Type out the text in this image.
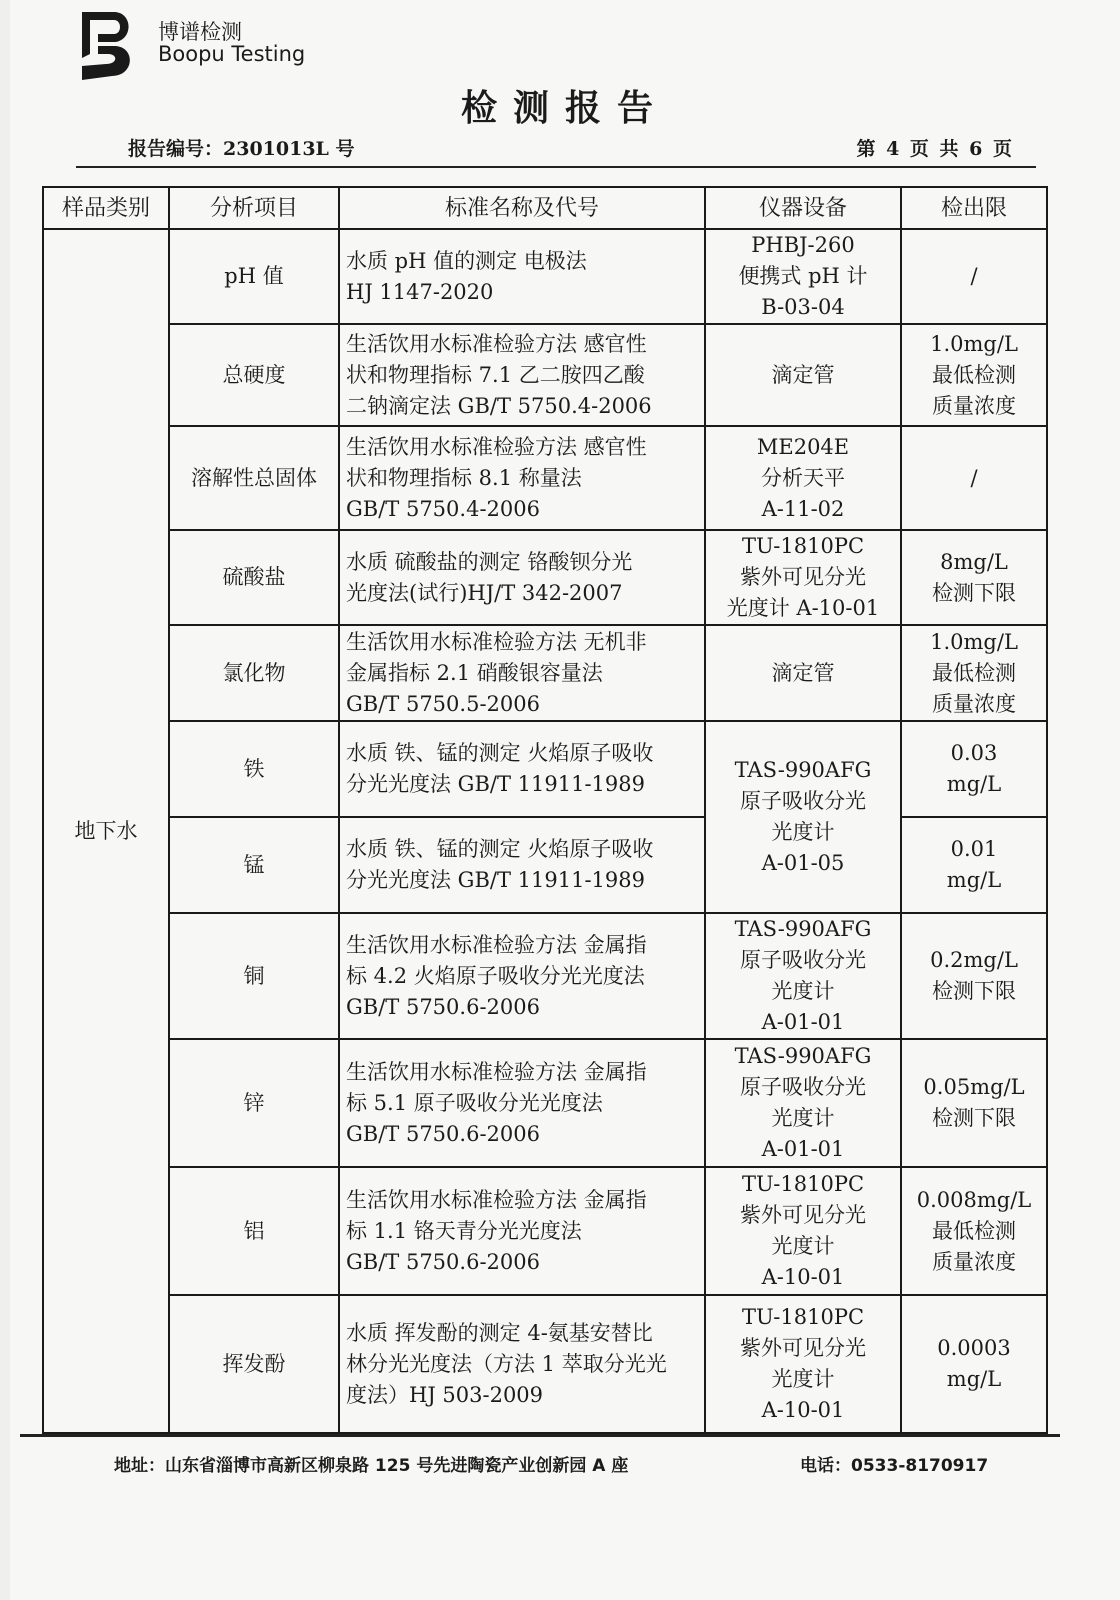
博谱检测
Boopu Testing
检测报告
报告编号：2301013L 号	第 4 页 共 6 页
样品类别	分析项目	标准名称及代号	仪器设备	检出限
地下水	pH 值	水质 pH 值的测定 电极法
HJ 1147-2020	PHBJ-260
便携式 pH 计
B-03-04	/

	总硬度	生活饮用水标准检验方法 感官性
状和物理指标 7.1 乙二胺四乙酸
二钠滴定法 GB/T 5750.4-2006	滴定管	1.0mg/L
最低检测
质量浓度

	溶解性总固体	生活饮用水标准检验方法 感官性
状和物理指标 8.1 称量法
GB/T 5750.4-2006	ME204E
分析天平
A-11-02	/

	硫酸盐	水质 硫酸盐的测定 铬酸钡分光
光度法(试行)HJ/T 342-2007	TU-1810PC
紫外可见分光
光度计 A-10-01	8mg/L
检测下限

	氯化物	生活饮用水标准检验方法 无机非
金属指标 2.1 硝酸银容量法
GB/T 5750.5-2006	滴定管	1.0mg/L
最低检测
质量浓度

	铁	水质 铁、锰的测定 火焰原子吸收
分光光度法 GB/T 11911-1989	TAS-990AFG
原子吸收分光
光度计
A-01-05	0.03
mg/L

	锰	水质 铁、锰的测定 火焰原子吸收
分光光度法 GB/T 11911-1989		0.01
mg/L

	铜	生活饮用水标准检验方法 金属指
标 4.2 火焰原子吸收分光光度法
GB/T 5750.6-2006	TAS-990AFG
原子吸收分光
光度计
A-01-01	0.2mg/L
检测下限

	锌	生活饮用水标准检验方法 金属指
标 5.1 原子吸收分光光度法
GB/T 5750.6-2006	TAS-990AFG
原子吸收分光
光度计
A-01-01	0.05mg/L
检测下限

	铝	生活饮用水标准检验方法 金属指
标 1.1 铬天青分光光度法
GB/T 5750.6-2006	TU-1810PC
紫外可见分光
光度计
A-10-01	0.008mg/L
最低检测
质量浓度

	挥发酚	水质 挥发酚的测定 4-氨基安替比
林分光光度法（方法 1 萃取分光光
度法）HJ 503-2009	TU-1810PC
紫外可见分光
光度计
A-10-01	0.0003
mg/L
地址：山东省淄博市高新区柳泉路 125 号先进陶瓷产业创新园 A 座	电话：0533-8170917
